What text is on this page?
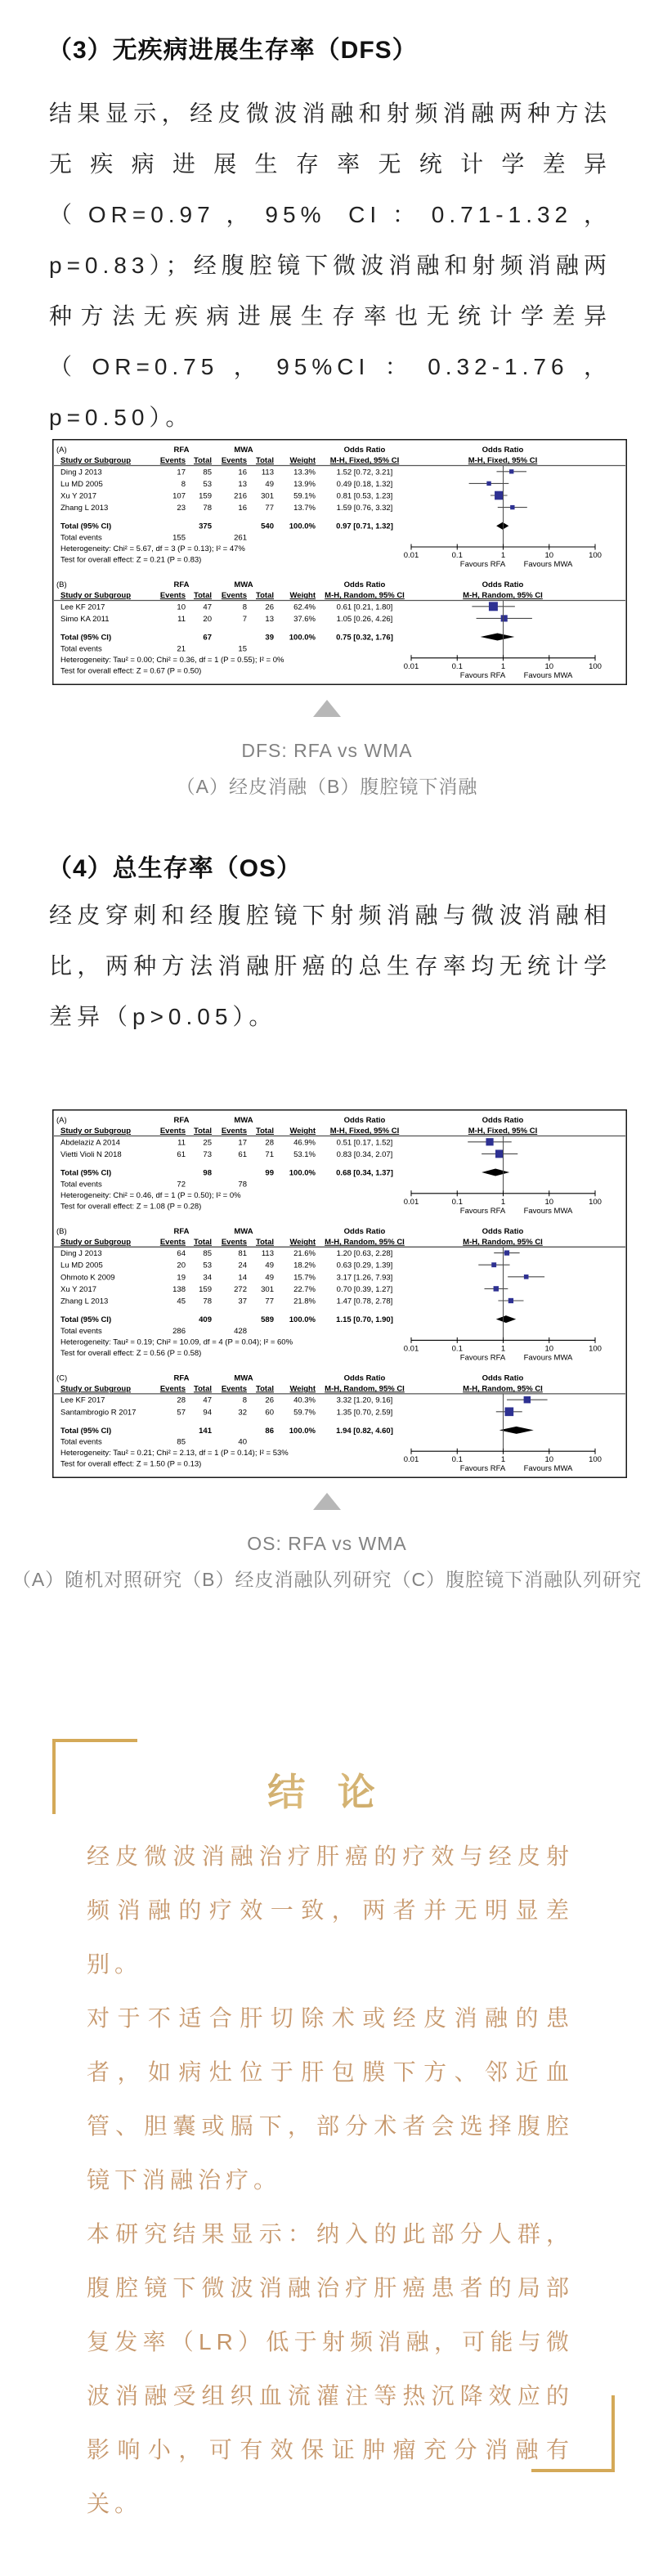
（3）无疾病进展生存率（DFS）

结果显示，经皮微波消融和射频消融两种方法无疾病进展生存率无统计学差异（OR=0.97，95% CI：0.71-1.32，p=0.83）；经腹腔镜下微波消融和射频消融两种方法无疾病进展生存率也无统计学差异（OR=0.75，95%CI：0.32-1.76，p=0.50）。

(A)	RFA	MWA	Odds Ratio	Odds Ratio
Study or Subgroup	Events Total Events Total Weight M-H, Fixed, 95% CI	M-H, Fixed, 95% CI
Ding J 2013	17 85	16 113	13.3%	1.52 [0.72, 3.21]
Lu MD 2005	8 53	13 49	13.9%	0.49 [0.18, 1.32]
Xu Y 2017	107 159	216 301	59.1%	0.81 [0.53, 1.23]
Zhang L 2013	23 78	16 77	13.7%	1.59 [0.76, 3.32]
Total (95% CI)	375	540 100.0%	0.97 [0.71, 1.32]
Total events	155	261
0.01	0.1	1	10	100
Favours RFA Favours MWA
Heterogeneity: Chi² = 5.67, df = 3 (P = 0.13); I² = 47%
Test for overall effect: Z = 0.21 (P = 0.83)
(B)	RFA	MWA	Odds Ratio	Odds Ratio
Study or Subgroup	Events Total Events Total Weight M-H, Random, 95% CI	M-H, Random, 95% CI
Lee KF 2017	10 47	8 26	62.4%	0.61 [0.21, 1.80]
Simo KA 2011	11 20	7 13	37.6%	1.05 [0.26, 4.26]
Total (95% CI)	67	39 100.0%	0.75 [0.32, 1.76]
Total events	21	15
0.01	0.1	1	10	100
Favours RFA Favours MWA
Heterogeneity: Tau² = 0.00; Chi² = 0.36, df = 1 (P = 0.55); I² = 0%
Test for overall effect: Z = 0.67 (P = 0.50)
DFS: RFA vs WMA
（A）经皮消融（B）腹腔镜下消融
（4）总生存率（OS）

经皮穿刺和经腹腔镜下射频消融与微波消融相比，两种方法消融肝癌的总生存率均无统计学差异（p>0.05）。

(A)	RFA	MWA	Odds Ratio	Odds Ratio
Study or Subgroup	Events Total Events Total Weight M-H, Fixed, 95% CI	M-H, Fixed, 95% CI
Abdelaziz A 2014	11 25	17 28	46.9%	0.51 [0.17, 1.52]
Vietti Violi N 2018	61 73	61 71	53.1%	0.83 [0.34, 2.07]
Total (95% CI)	98	99 100.0%	0.68 [0.34, 1.37]
Total events	72	78
0.01	0.1	1	10	100
Favours RFA Favours MWA
Heterogeneity: Chi² = 0.46, df = 1 (P = 0.50); I² = 0%
Test for overall effect: Z = 1.08 (P = 0.28)
(B)	RFA	MWA	Odds Ratio	Odds Ratio
Study or Subgroup	Events Total Events Total Weight M-H, Random, 95% CI	M-H, Random, 95% CI
Ding J 2013	64 85	81 113	21.6%	1.20 [0.63, 2.28]
Lu MD 2005	20 53	24 49	18.2%	0.63 [0.29, 1.39]
Ohmoto K 2009	19 34	14 49	15.7%	3.17 [1.26, 7.93]
Xu Y 2017	138 159	272 301	22.7%	0.70 [0.39, 1.27]
Zhang L 2013	45 78	37 77	21.8%	1.47 [0.78, 2.78]
Total (95% CI)	409	589 100.0%	1.15 [0.70, 1.90]
Total events	286	428
0.01	0.1	1	10	100
Favours RFA Favours MWA
Heterogeneity: Tau² = 0.19; Chi² = 10.09, df = 4 (P = 0.04); I² = 60%
Test for overall effect: Z = 0.56 (P = 0.58)
(C)	RFA	MWA	Odds Ratio	Odds Ratio
Study or Subgroup	Events Total Events Total Weight M-H, Random, 95% CI	M-H, Random, 95% CI
Lee KF 2017	28 47	8 26	40.3%	3.32 [1.20, 9.16]
Santambrogio R 2017	57 94	32 60	59.7%	1.35 [0.70, 2.59]
Total (95% CI)	141	86 100.0%	1.94 [0.82, 4.60]
Total events	85	40
0.01	0.1	1	10	100
Favours RFA Favours MWA
Heterogeneity: Tau² = 0.21; Chi² = 2.13, df = 1 (P = 0.14); I² = 53%
Test for overall effect: Z = 1.50 (P = 0.13)
OS: RFA vs WMA
（A）随机对照研究（B）经皮消融队列研究（C）腹腔镜下消融队列研究
结 论

经皮微波消融治疗肝癌的疗效与经皮射频消融的疗效一致，两者并无明显差别。

对于不适合肝切除术或经皮消融的患者，如病灶位于肝包膜下方、邻近血管、胆囊或膈下，部分术者会选择腹腔镜下消融治疗。

本研究结果显示：纳入的此部分人群，腹腔镜下微波消融治疗肝癌患者的局部复发率（LR）低于射频消融，可能与微波消融受组织血流灌注等热沉降效应的影响小，可有效保证肿瘤充分消融有关。
